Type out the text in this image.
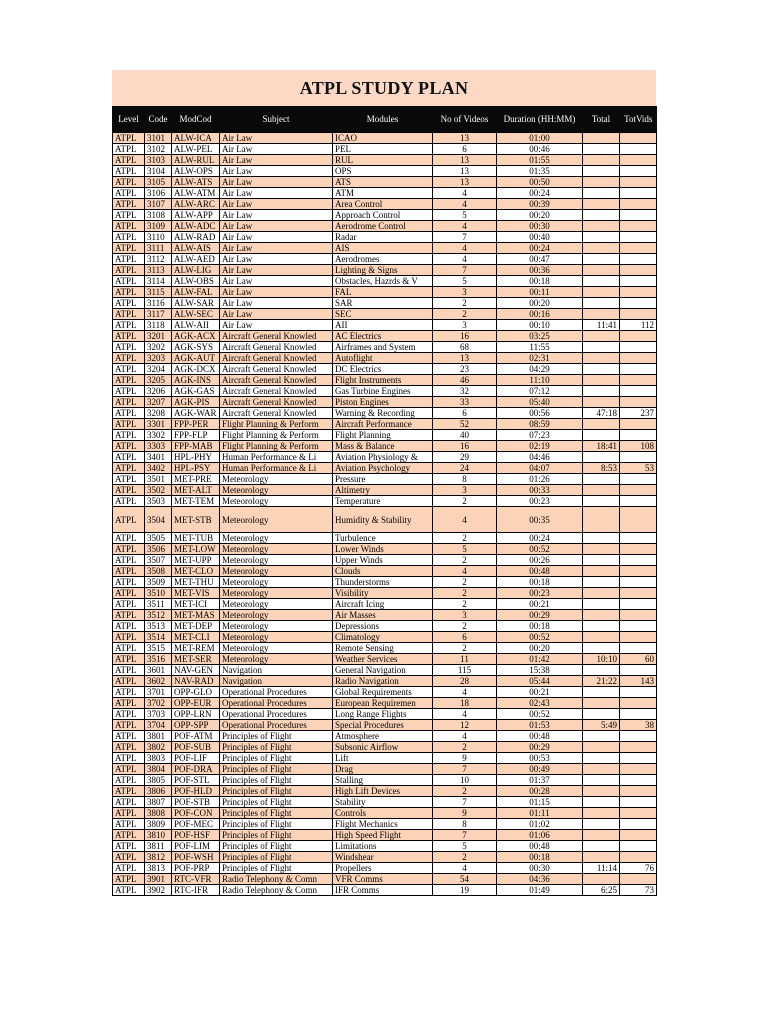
ATPL STUDY PLAN
Level	Code	ModCod	Subject	Modules	No of Videos	Duration (HH:MM)	Total	TotVids
ATPL	3101	ALW-ICA	Air Law	ICAO	13	01:00		
ATPL	3102	ALW-PEL	Air Law	PEL	6	00:46		
ATPL	3103	ALW-RUL	Air Law	RUL	13	01:55		
ATPL	3104	ALW-OPS	Air Law	OPS	13	01:35		
ATPL	3105	ALW-ATS	Air Law	ATS	13	00:50		
ATPL	3106	ALW-ATM	Air Law	ATM	4	00:24		
ATPL	3107	ALW-ARC	Air Law	Area Control	4	00:39		
ATPL	3108	ALW-APP	Air Law	Approach Control	5	00:20		
ATPL	3109	ALW-ADC	Air Law	Aerodrome Control	4	00:30		
ATPL	3110	ALW-RAD	Air Law	Radar	7	00:40		
ATPL	3111	ALW-AIS	Air Law	AIS	4	00:24		
ATPL	3112	ALW-AED	Air Law	Aerodromes	4	00:47		
ATPL	3113	ALW-LIG	Air Law	Lighting & Signs	7	00:36		
ATPL	3114	ALW-OBS	Air Law	Obstacles, Hazrds & V	5	00:18		
ATPL	3115	ALW-FAL	Air Law	FAL	3	00:11		
ATPL	3116	ALW-SAR	Air Law	SAR	2	00:20		
ATPL	3117	ALW-SEC	Air Law	SEC	2	00:16		
ATPL	3118	ALW-AII	Air Law	AII	3	00:10	11:41	112
ATPL	3201	AGK-ACX	Aircraft General Knowled	AC Electrics	16	03:25		
ATPL	3202	AGK-SYS	Aircraft General Knowled	Airframes and System	68	11:55		
ATPL	3203	AGK-AUT	Aircraft General Knowled	Autoflight	13	02:31		
ATPL	3204	AGK-DCX	Aircraft General Knowled	DC Electrics	23	04:29		
ATPL	3205	AGK-INS	Aircraft General Knowled	Flight Instruments	46	11:10		
ATPL	3206	AGK-GAS	Aircraft General Knowled	Gas Turbine Engines	32	07:12		
ATPL	3207	AGK-PIS	Aircraft General Knowled	Piston Engines	33	05:40		
ATPL	3208	AGK-WAR	Aircraft General Knowled	Warning & Recording	6	00:56	47:18	237
ATPL	3301	FPP-PER	Flight Planning & Perform	Aircraft Performance	52	08:59		
ATPL	3302	FPP-FLP	Flight Planning & Perform	Flight Planning	40	07:23		
ATPL	3303	FPP-MAB	Flight Planning & Perform	Mass & Balance	16	02:19	18:41	108
ATPL	3401	HPL-PHY	Human Performance & Li	Aviation Physiology &	29	04:46		
ATPL	3402	HPL-PSY	Human Performance & Li	Aviation Psychology	24	04:07	8:53	53
ATPL	3501	MET-PRE	Meteorology	Pressure	8	01:26		
ATPL	3502	MET-ALT	Meteorology	Altimetry	3	00:33		
ATPL	3503	MET-TEM	Meteorology	Temperature	2	00:23		
ATPL	3504	MET-STB	Meteorology	Humidity & Stability	4	00:35		
ATPL	3505	MET-TUB	Meteorology	Turbulence	2	00:24		
ATPL	3506	MET-LOW	Meteorology	Lower Winds	5	00:52		
ATPL	3507	MET-UPP	Meteorology	Upper Winds	2	00:26		
ATPL	3508	MET-CLO	Meteorology	Clouds	4	00:48		
ATPL	3509	MET-THU	Meteorology	Thunderstorms	2	00:18		
ATPL	3510	MET-VIS	Meteorology	Visibility	2	00:23		
ATPL	3511	MET-ICI	Meteorology	Aircraft Icing	2	00:21		
ATPL	3512	MET-MAS	Meteorology	Air Masses	3	00:29		
ATPL	3513	MET-DEP	Meteorology	Depressions	2	00:18		
ATPL	3514	MET-CLI	Meteorology	Climatology	6	00:52		
ATPL	3515	MET-REM	Meteorology	Remote Sensing	2	00:20		
ATPL	3516	MET-SER	Meteorology	Weather Services	11	01:42	10:10	60
ATPL	3601	NAV-GEN	Navigation	General Navigation	115	15:38		
ATPL	3602	NAV-RAD	Navigation	Radio Navigation	28	05:44	21:22	143
ATPL	3701	OPP-GLO	Operational Procedures	Global Requirements	4	00:21		
ATPL	3702	OPP-EUR	Operational Procedures	European Requiremen	18	02:43		
ATPL	3703	OPP-LRN	Operational Procedures	Long Range Flights	4	00:52		
ATPL	3704	OPP-SPP	Operational Procedures	Special Procedures	12	01:53	5:49	38
ATPL	3801	POF-ATM	Principles of Flight	Atmosphere	4	00:48		
ATPL	3802	POF-SUB	Principles of Flight	Subsonic Airflow	2	00:29		
ATPL	3803	POF-LIF	Principles of Flight	Lift	9	00:53		
ATPL	3804	POF-DRA	Principles of Flight	Drag	7	00:49		
ATPL	3805	POF-STL	Principles of Flight	Stalling	10	01:37		
ATPL	3806	POF-HLD	Principles of Flight	High Lift Devices	2	00:28		
ATPL	3807	POF-STB	Principles of Flight	Stability	7	01:15		
ATPL	3808	POF-CON	Principles of Flight	Controls	9	01:11		
ATPL	3809	POF-MEC	Principles of Flight	Flight Mechanics	8	01:02		
ATPL	3810	POF-HSF	Principles of Flight	High Speed Flight	7	01:06		
ATPL	3811	POF-LIM	Principles of Flight	Limitations	5	00:48		
ATPL	3812	POF-WSH	Principles of Flight	Windshear	2	00:18		
ATPL	3813	POF-PRP	Principles of Flight	Propellers	4	00:30	11:14	76
ATPL	3901	RTC-VFR	Radio Telephony & Comn	VFR Comms	54	04:36		
ATPL	3902	RTC-IFR	Radio Telephony & Comn	IFR Comms	19	01:49	6:25	73
